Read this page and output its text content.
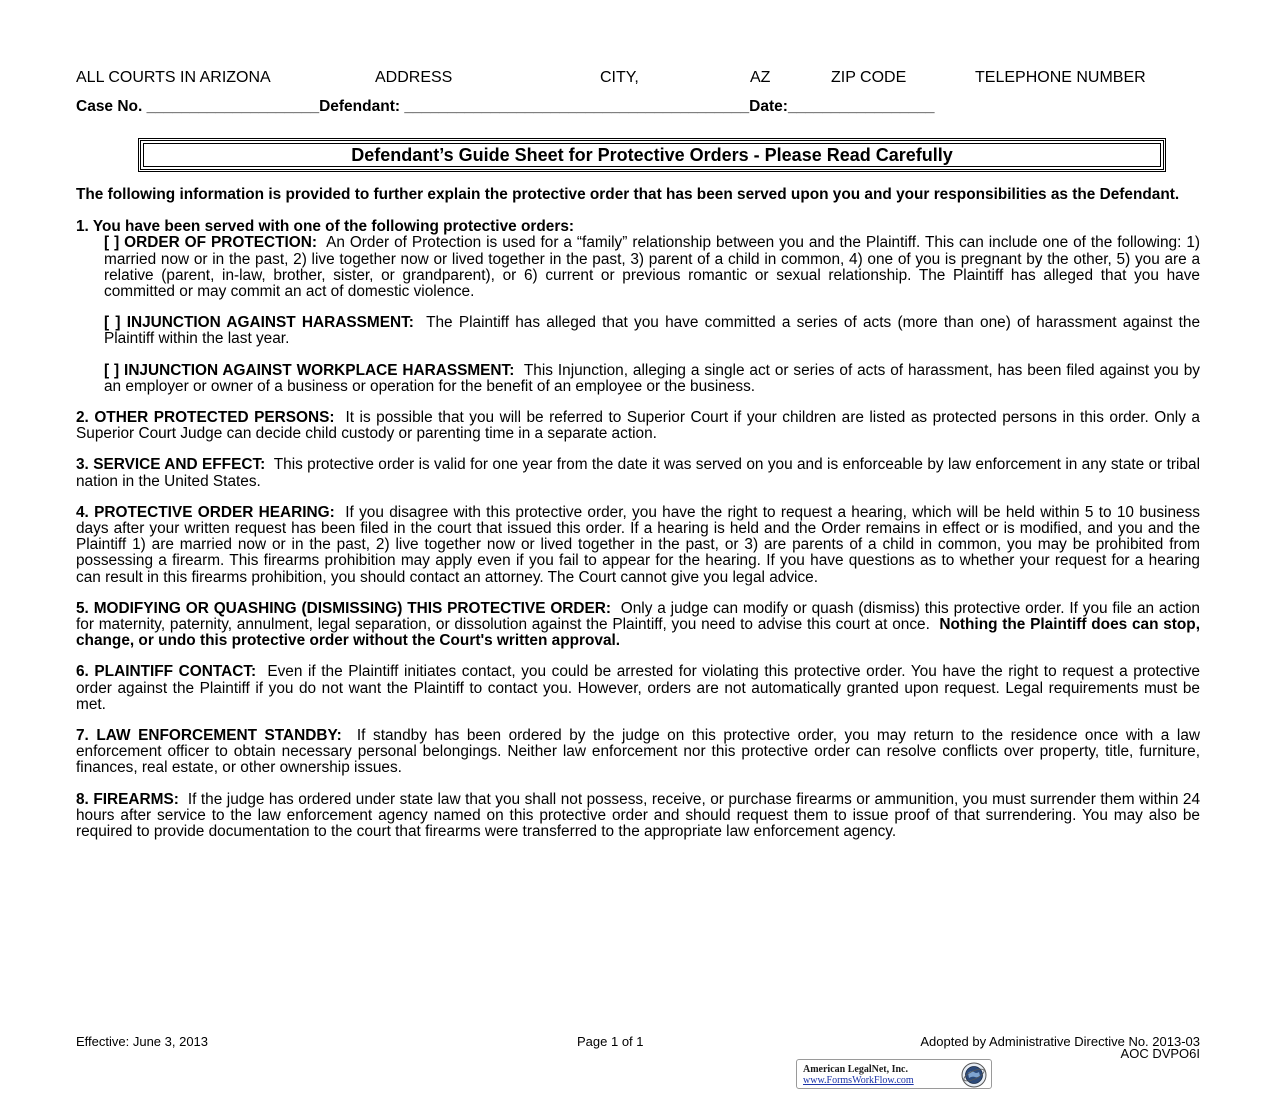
ALL COURTS IN ARIZONA	ADDRESS	CITY,	AZ	ZIP CODE	TELEPHONE NUMBER
Case No. ____________________Defendant: ________________________________________Date:_________________
Defendant’s Guide Sheet for Protective Orders - Please Read Carefully

The following information is provided to further explain the protective order that has been served upon you and your responsibilities as the Defendant.

1. You have been served with one of the following protective orders:

[ ] ORDER OF PROTECTION: An Order of Protection is used for a “family” relationship between you and the Plaintiff. This can include one of the following: 1) married now or in the past, 2) live together now or lived together in the past, 3) parent of a child in common, 4) one of you is pregnant by the other, 5) you are a relative (parent, in-law, brother, sister, or grandparent), or 6) current or previous romantic or sexual relationship. The Plaintiff has alleged that you have committed or may commit an act of domestic violence.

[ ] INJUNCTION AGAINST HARASSMENT: The Plaintiff has alleged that you have committed a series of acts (more than one) of harassment against the Plaintiff within the last year.

[ ] INJUNCTION AGAINST WORKPLACE HARASSMENT: This Injunction, alleging a single act or series of acts of harassment, has been filed against you by an employer or owner of a business or operation for the benefit of an employee or the business.

2. OTHER PROTECTED PERSONS: It is possible that you will be referred to Superior Court if your children are listed as protected persons in this order. Only a Superior Court Judge can decide child custody or parenting time in a separate action.

3. SERVICE AND EFFECT: This protective order is valid for one year from the date it was served on you and is enforceable by law enforcement in any state or tribal nation in the United States.

4. PROTECTIVE ORDER HEARING: If you disagree with this protective order, you have the right to request a hearing, which will be held within 5 to 10 business days after your written request has been filed in the court that issued this order. If a hearing is held and the Order remains in effect or is modified, and you and the Plaintiff 1) are married now or in the past, 2) live together now or lived together in the past, or 3) are parents of a child in common, you may be prohibited from possessing a firearm. This firearms prohibition may apply even if you fail to appear for the hearing. If you have questions as to whether your request for a hearing can result in this firearms prohibition, you should contact an attorney. The Court cannot give you legal advice.

5. MODIFYING OR QUASHING (DISMISSING) THIS PROTECTIVE ORDER: Only a judge can modify or quash (dismiss) this protective order. If you file an action for maternity, paternity, annulment, legal separation, or dissolution against the Plaintiff, you need to advise this court at once. Nothing the Plaintiff does can stop, change, or undo this protective order without the Court's written approval.

6. PLAINTIFF CONTACT: Even if the Plaintiff initiates contact, you could be arrested for violating this protective order. You have the right to request a protective order against the Plaintiff if you do not want the Plaintiff to contact you. However, orders are not automatically granted upon request. Legal requirements must be met.

7. LAW ENFORCEMENT STANDBY: If standby has been ordered by the judge on this protective order, you may return to the residence once with a law enforcement officer to obtain necessary personal belongings. Neither law enforcement nor this protective order can resolve conflicts over property, title, furniture, finances, real estate, or other ownership issues.

8. FIREARMS: If the judge has ordered under state law that you shall not possess, receive, or purchase firearms or ammunition, you must surrender them within 24 hours after service to the law enforcement agency named on this protective order and should request them to issue proof of that surrendering. You may also be required to provide documentation to the court that firearms were transferred to the appropriate law enforcement agency.

Effective: June 3, 2013	Page 1 of 1	Adopted by Administrative Directive No. 2013-03
AOC DVPO6I
American LegalNet, Inc.
www.FormsWorkFlow.com
